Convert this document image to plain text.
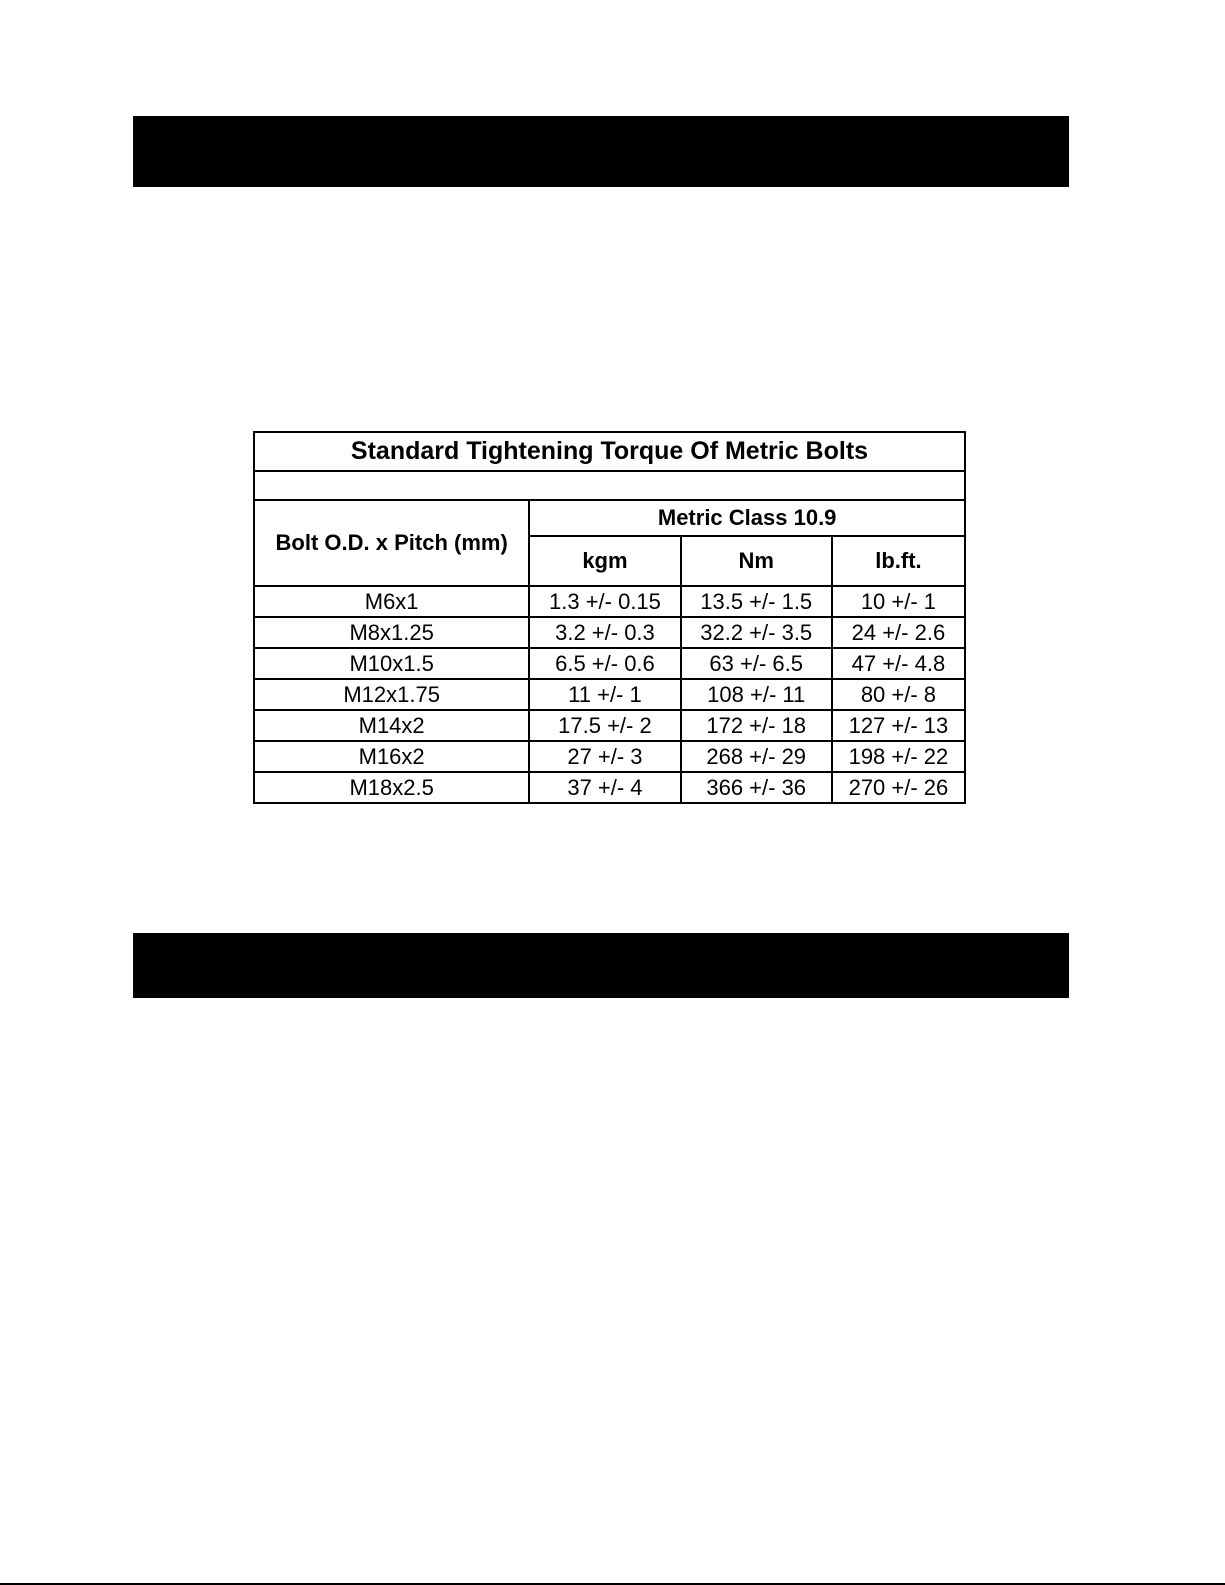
Standard Tightening Torque Of Metric Bolts			

Bolt O.D. x Pitch (mm)	Metric Class 10.9		
	kgm	Nm	lb.ft.
M6x1	1.3 +/- 0.15	13.5 +/- 1.5	10 +/- 1
M8x1.25	3.2 +/- 0.3	32.2 +/- 3.5	24 +/- 2.6
M10x1.5	6.5 +/- 0.6	63 +/- 6.5	47 +/- 4.8
M12x1.75	11 +/- 1	108 +/- 11	80 +/- 8
M14x2	17.5 +/- 2	172 +/- 18	127 +/- 13
M16x2	27 +/- 3	268 +/- 29	198 +/- 22
M18x2.5	37 +/- 4	366 +/- 36	270 +/- 26
